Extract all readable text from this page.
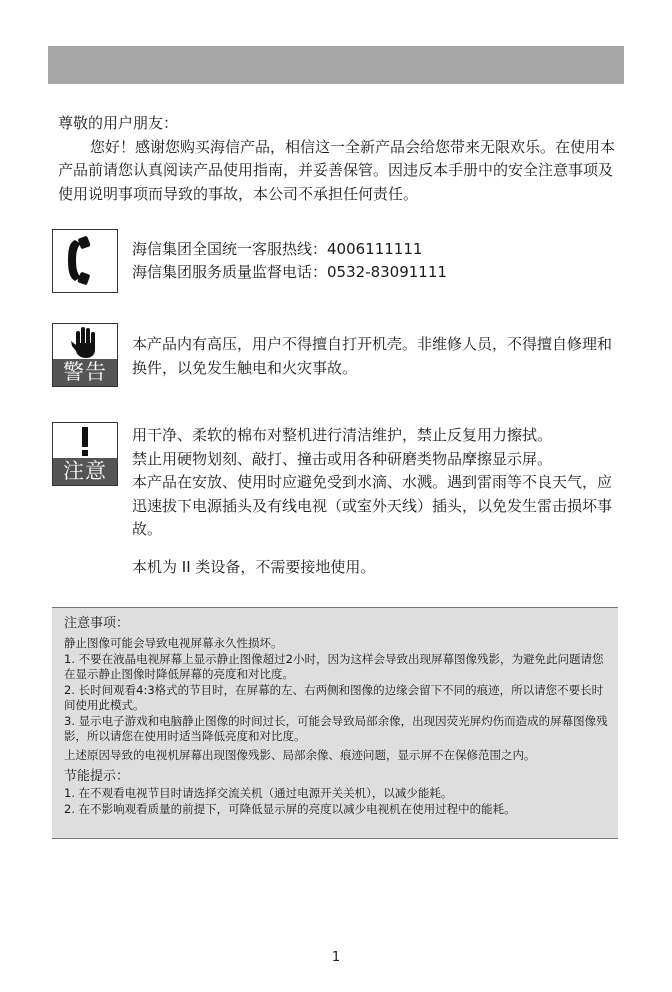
尊敬的用户朋友：

您好！感谢您购买海信产品，相信这一全新产品会给您带来无限欢乐。在使用本产品前请您认真阅读产品使用指南，并妥善保管。因违反本手册中的安全注意事项及使用说明事项而导致的事故，本公司不承担任何责任。

海信集团全国统一客服热线：4006111111

海信集团服务质量监督电话：0532-83091111

警告

本产品内有高压，用户不得擅自打开机壳。非维修人员，不得擅自修理和换件，以免发生触电和火灾事故。

注意

用干净、柔软的棉布对整机进行清洁维护，禁止反复用力擦拭。

禁止用硬物划刻、敲打、撞击或用各种研磨类物品摩擦显示屏。

本产品在安放、使用时应避免受到水滴、水溅。遇到雷雨等不良天气，应迅速拔下电源插头及有线电视（或室外天线）插头，以免发生雷击损坏事故。

本机为 II 类设备，不需要接地使用。

注意事项：

静止图像可能会导致电视屏幕永久性损坏。

1. 不要在液晶电视屏幕上显示静止图像超过2小时，因为这样会导致出现屏幕图像残影，为避免此问题请您在显示静止图像时降低屏幕的亮度和对比度。

2. 长时间观看4:3格式的节目时，在屏幕的左、右两侧和图像的边缘会留下不同的痕迹，所以请您不要长时间使用此模式。

3. 显示电子游戏和电脑静止图像的时间过长，可能会导致局部余像，出现因荧光屏灼伤而造成的屏幕图像残影，所以请您在使用时适当降低亮度和对比度。

上述原因导致的电视机屏幕出现图像残影、局部余像、痕迹问题，显示屏不在保修范围之内。

节能提示：

1. 在不观看电视节目时请选择交流关机（通过电源开关关机），以减少能耗。

2. 在不影响观看质量的前提下，可降低显示屏的亮度以减少电视机在使用过程中的能耗。

1
